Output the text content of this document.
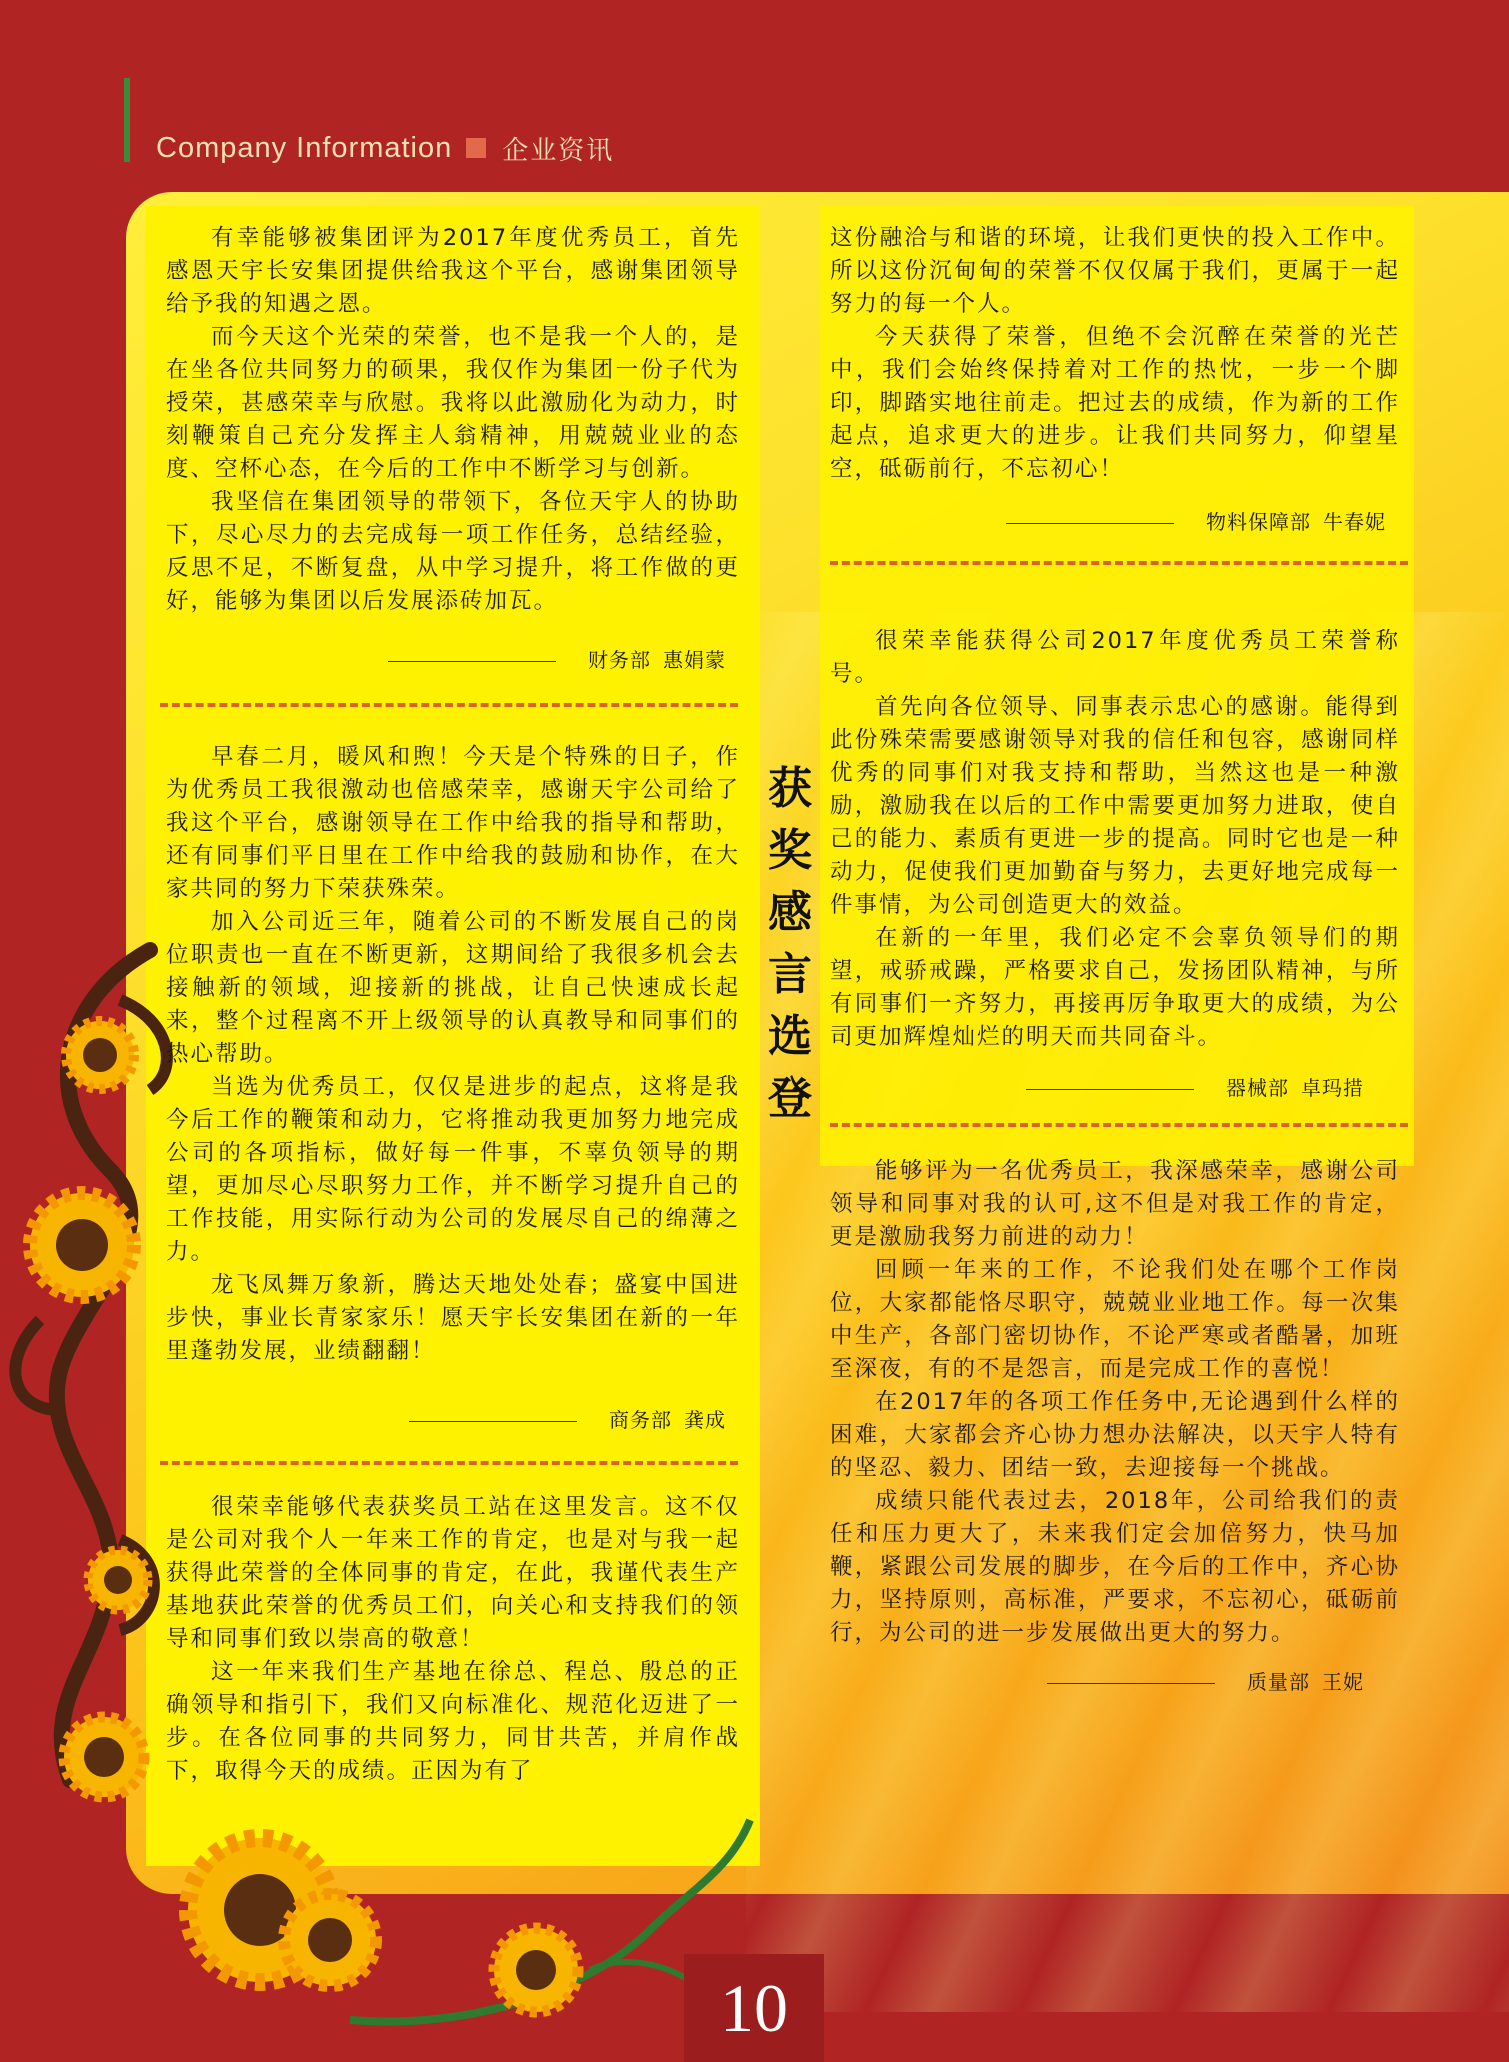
Company Information 企业资讯

有幸能够被集团评为2017年度优秀员工，首先感恩天宇长安集团提供给我这个平台，感谢集团领导给予我的知遇之恩。

而今天这个光荣的荣誉，也不是我一个人的，是在坐各位共同努力的硕果，我仅作为集团一份子代为授荣，甚感荣幸与欣慰。我将以此激励化为动力，时刻鞭策自己充分发挥主人翁精神，用兢兢业业的态度、空杯心态，在今后的工作中不断学习与创新。

我坚信在集团领导的带领下，各位天宇人的协助下，尽心尽力的去完成每一项工作任务，总结经验，反思不足，不断复盘，从中学习提升，将工作做的更好，能够为集团以后发展添砖加瓦。

财务部 惠娟蒙

早春二月，暖风和煦！今天是个特殊的日子，作为优秀员工我很激动也倍感荣幸，感谢天宇公司给了我这个平台，感谢领导在工作中给我的指导和帮助，还有同事们平日里在工作中给我的鼓励和协作，在大家共同的努力下荣获殊荣。

加入公司近三年，随着公司的不断发展自己的岗位职责也一直在不断更新，这期间给了我很多机会去接触新的领域，迎接新的挑战，让自己快速成长起来，整个过程离不开上级领导的认真教导和同事们的热心帮助。

当选为优秀员工，仅仅是进步的起点，这将是我今后工作的鞭策和动力，它将推动我更加努力地完成公司的各项指标，做好每一件事，不辜负领导的期望，更加尽心尽职努力工作，并不断学习提升自己的工作技能，用实际行动为公司的发展尽自己的绵薄之力。

龙飞凤舞万象新，腾达天地处处春；盛宴中国进步快，事业长青家家乐！愿天宇长安集团在新的一年里蓬勃发展，业绩翻翻！

商务部 龚成

很荣幸能够代表获奖员工站在这里发言。这不仅是公司对我个人一年来工作的肯定，也是对与我一起获得此荣誉的全体同事的肯定，在此，我谨代表生产基地获此荣誉的优秀员工们，向关心和支持我们的领导和同事们致以崇高的敬意！

这一年来我们生产基地在徐总、程总、殷总的正确领导和指引下，我们又向标准化、规范化迈进了一步。在各位同事的共同努力，同甘共苦，并肩作战下，取得今天的成绩。正因为有了

获
奖
感
言
选
登

这份融洽与和谐的环境，让我们更快的投入工作中。所以这份沉甸甸的荣誉不仅仅属于我们，更属于一起努力的每一个人。

今天获得了荣誉，但绝不会沉醉在荣誉的光芒中，我们会始终保持着对工作的热忱，一步一个脚印，脚踏实地往前走。把过去的成绩，作为新的工作起点，追求更大的进步。让我们共同努力，仰望星空，砥砺前行，不忘初心！

物料保障部 牛春妮

很荣幸能获得公司2017年度优秀员工荣誉称号。

首先向各位领导、同事表示忠心的感谢。能得到此份殊荣需要感谢领导对我的信任和包容，感谢同样优秀的同事们对我支持和帮助，当然这也是一种激励，激励我在以后的工作中需要更加努力进取，使自己的能力、素质有更进一步的提高。同时它也是一种动力，促使我们更加勤奋与努力，去更好地完成每一件事情，为公司创造更大的效益。

在新的一年里，我们必定不会辜负领导们的期望，戒骄戒躁，严格要求自己，发扬团队精神，与所有同事们一齐努力，再接再厉争取更大的成绩，为公司更加辉煌灿烂的明天而共同奋斗。

器械部 卓玛措

能够评为一名优秀员工，我深感荣幸，感谢公司领导和同事对我的认可,这不但是对我工作的肯定，更是激励我努力前进的动力！

回顾一年来的工作，不论我们处在哪个工作岗位，大家都能恪尽职守，兢兢业业地工作。每一次集中生产，各部门密切协作，不论严寒或者酷暑，加班至深夜，有的不是怨言，而是完成工作的喜悦！

在2017年的各项工作任务中,无论遇到什么样的困难，大家都会齐心协力想办法解决，以天宇人特有的坚忍、毅力、团结一致，去迎接每一个挑战。

成绩只能代表过去，2018年，公司给我们的责任和压力更大了，未来我们定会加倍努力，快马加鞭，紧跟公司发展的脚步，在今后的工作中，齐心协力，坚持原则，高标准，严要求，不忘初心，砥砺前行，为公司的进一步发展做出更大的努力。

质量部 王妮
10
